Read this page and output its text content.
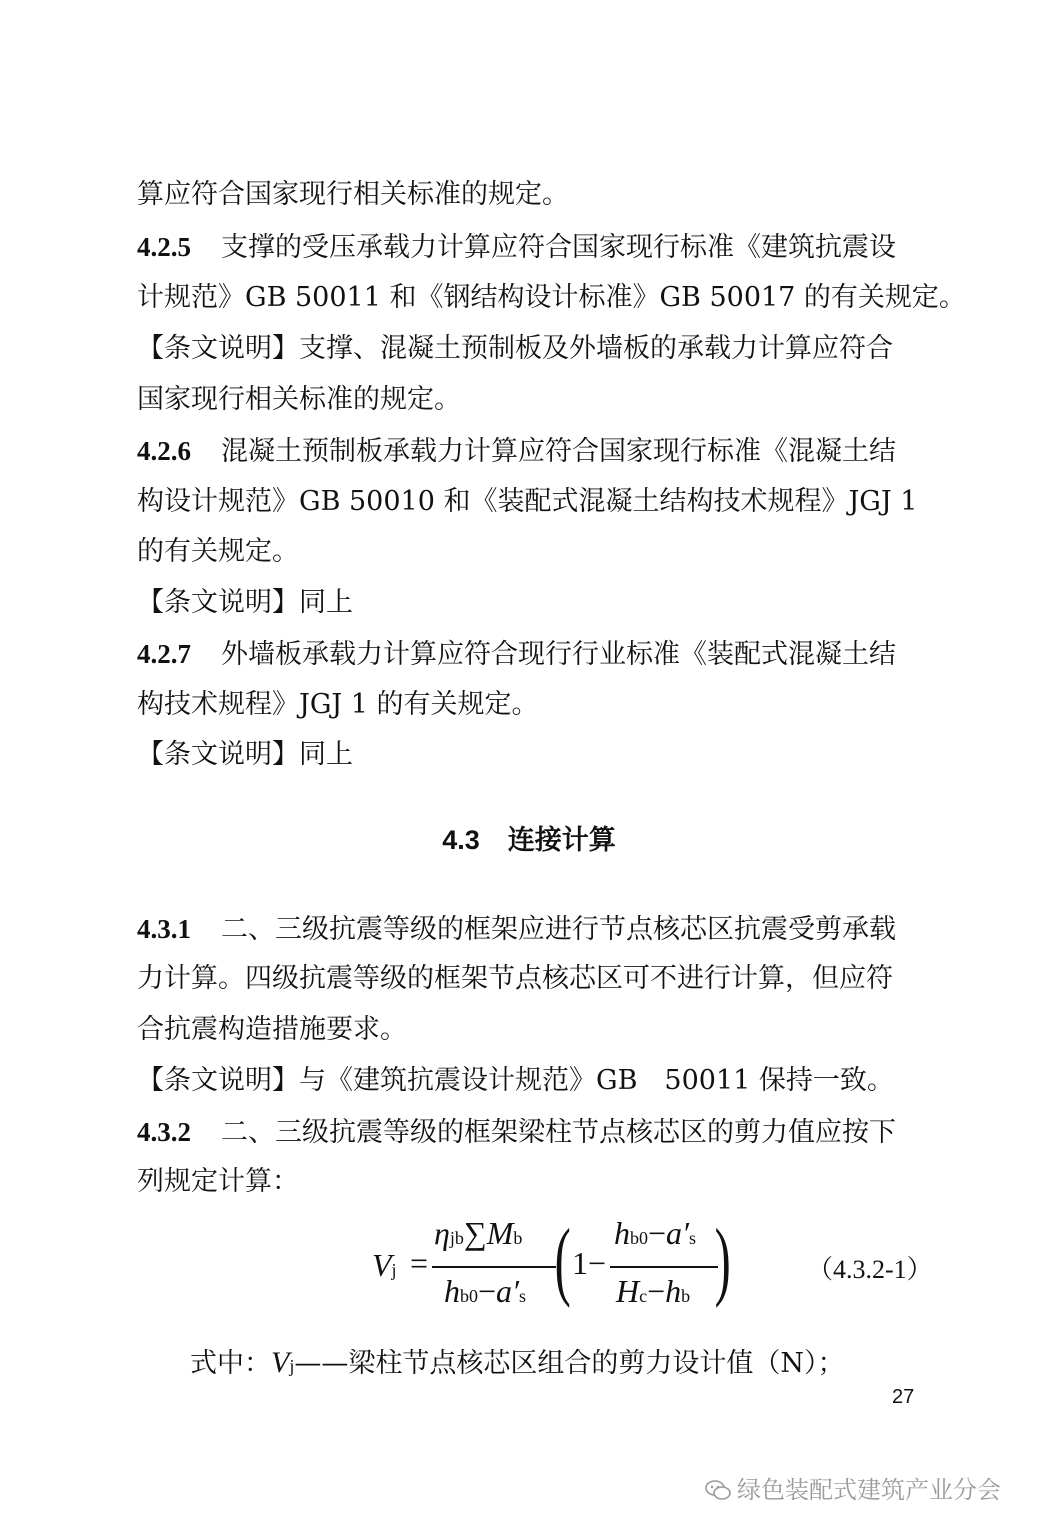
算应符合国家现行相关标准的规定。
4.2.5 支撑的受压承载力计算应符合国家现行标准《建筑抗震设
计规范》GB 50011 和《钢结构设计标准》GB 50017 的有关规定。
【条文说明】支撑、混凝土预制板及外墙板的承载力计算应符合
国家现行相关标准的规定。
4.2.6 混凝土预制板承载力计算应符合国家现行标准《混凝土结
构设计规范》GB 50010 和《装配式混凝土结构技术规程》JGJ 1
的有关规定。
【条文说明】同上
4.2.7 外墙板承载力计算应符合现行行业标准《装配式混凝土结
构技术规程》JGJ 1 的有关规定。
【条文说明】同上
4.3 连接计算
4.3.1 二、三级抗震等级的框架应进行节点核芯区抗震受剪承载
力计算。四级抗震等级的框架节点核芯区可不进行计算，但应符
合抗震构造措施要求。
【条文说明】与《建筑抗震设计规范》GB　50011 保持一致。
4.3.2 二、三级抗震等级的框架梁柱节点核芯区的剪力值应按下
列规定计算：
Vj =
ηjb∑Mb
hb0−a′s ( 1−
hb0−a′s
Hc−hb )	（4.3.2-1）
式中：Vj——梁柱节点核芯区组合的剪力设计值（N）；
27
绿色装配式建筑产业分会
